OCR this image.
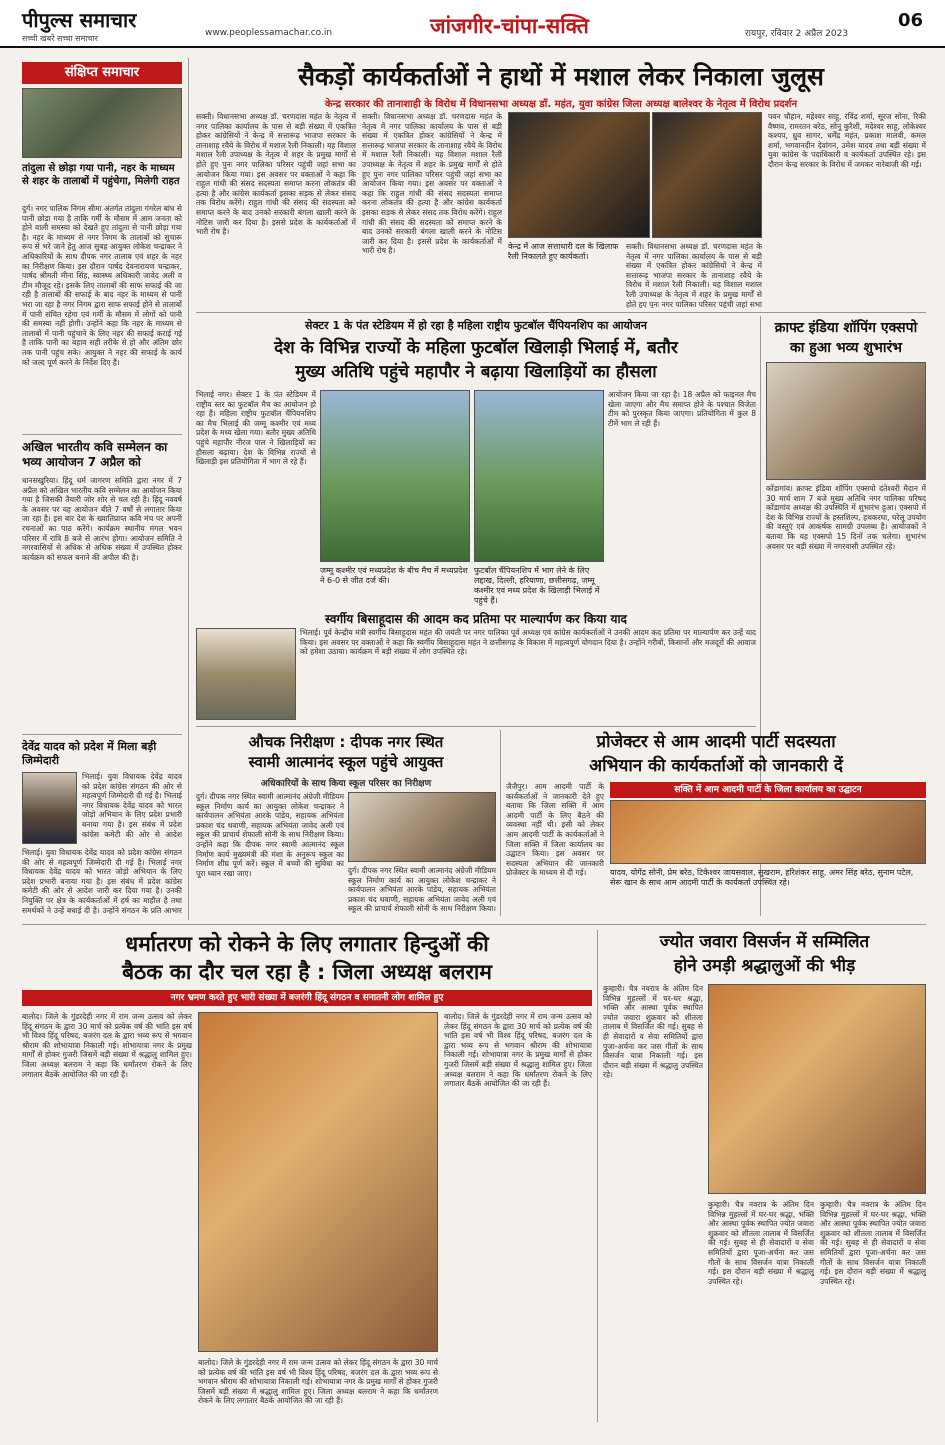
पीपुल्स समाचार
सच्ची खबरें सच्चा समाचार
www.peoplessamachar.co.in	जांजगीर-चांपा-सक्ति	रायपुर, रविवार 2 अप्रैल 2023
06
संक्षिप्त समाचार
तांदुला से छोड़ा गया पानी, नहर के माध्यम से शहर के तालाबों में पहुंचेगा, मिलेगी राहत
दुर्ग। नगर पालिक निगम सीमा अंतर्गत तांदुला गंगरेल बांध से पानी छोड़ा गया है ताकि गर्मी के मौसम में आम जनता को होने वाली समस्या को देखते हुए तांदुला से पानी छोड़ा गया है। नहर के माध्यम से नगर निगम के तालाबों को सुचारू रूप से भरे जाने हेतु आज सुबह आयुक्त लोकेश चन्द्राकर ने अधिकारियों के साथ दीपक नगर तालाब एवं शहर के नहर का निरीक्षण किया। इस दौरान पार्षद देवनारायण चन्द्राकर, पार्षद श्रीमती मीना सिंह, स्वास्थ्य अधिकारी जावेद अली व टीम मौजूद रहे। इसके लिए तालाबों की साफ सफाई की जा रही है तालाबों की सफाई के बाद नहर के माध्यम से पानी भरा जा रहा है नगर निगम द्वारा साफ सफाई होने से तालाबों में पानी संचित रहेगा एवं गर्मी के मौसम में लोगों को पानी की समस्या नहीं होगी। उन्होंने कहा कि नहर के माध्यम से तालाबों में पानी पहुंचाने के लिए नहर की सफाई कराई गई है ताकि पानी का बहाव सही तरीके से हो और अंतिम छोर तक पानी पहुंच सके। आयुक्त ने नहर की सफाई के कार्य को जल्द पूर्ण करने के निर्देश दिए हैं।
अखिल भारतीय कवि सम्मेलन का भव्य आयोजन 7 अप्रैल को
धानसखुरिया। हिंदू धर्म जागरण समिति द्वारा नगर में 7 अप्रैल को अखिल भारतीय कवि सम्मेलन का आयोजन किया गया है जिसकी तैयारी जोर शोर से चल रही है। हिंदू नववर्ष के अवसर पर यह आयोजन बीते 7 वर्षों से लगातार किया जा रहा है। इस बार देश के ख्यातिप्राप्त कवि मंच पर अपनी रचनाओं का पाठ करेंगे। कार्यक्रम स्थानीय मंगल भवन परिसर में रात्रि 8 बजे से आरंभ होगा। आयोजन समिति ने नगरवासियों से अधिक से अधिक संख्या में उपस्थित होकर कार्यक्रम को सफल बनाने की अपील की है।
देवेंद्र यादव को प्रदेश में मिला बड़ी जिम्मेदारी
भिलाई। युवा विधायक देवेंद्र यादव को प्रदेश कांग्रेस संगठन की ओर से महत्वपूर्ण जिम्मेदारी दी गई है। भिलाई नगर विधायक देवेंद्र यादव को भारत जोड़ो अभियान के लिए प्रदेश प्रभारी बनाया गया है। इस संबंध में प्रदेश कांग्रेस कमेटी की ओर से आदेश
भिलाई। युवा विधायक देवेंद्र यादव को प्रदेश कांग्रेस संगठन की ओर से महत्वपूर्ण जिम्मेदारी दी गई है। भिलाई नगर विधायक देवेंद्र यादव को भारत जोड़ो अभियान के लिए प्रदेश प्रभारी बनाया गया है। इस संबंध में प्रदेश कांग्रेस कमेटी की ओर से आदेश जारी कर दिया गया है। उनकी नियुक्ति पर क्षेत्र के कार्यकर्ताओं में हर्ष का माहौल है तथा समर्थकों ने उन्हें बधाई दी है। उन्होंने संगठन के प्रति आभार
सैकड़ों कार्यकर्ताओं ने हाथों में मशाल लेकर निकाला जुलूस
केन्द्र सरकार की तानाशाही के विरोध में विधानसभा अध्यक्ष डॉ. महंत, युवा कांग्रेस जिला अध्यक्ष बालेश्वर के नेतृत्व में विरोध प्रदर्शन
सक्ती। विधानसभा अध्यक्ष डॉ. चरणदास महंत के नेतृत्व में नगर पालिका कार्यालय के पास से बड़ी संख्या में एकत्रित होकर कांग्रेसियों ने केन्द्र में सत्तारूढ़ भाजपा सरकार के तानाशाह रवैये के विरोध में मशाल रैली निकाली। यह विशाल मशाल रैली उपाध्यक्ष के नेतृत्व में शहर के प्रमुख मार्गों से होते हुए पुनः नगर पालिका परिसर पहुंची जहां सभा का आयोजन किया गया। इस अवसर पर वक्ताओं ने कहा कि राहुल गांधी की संसद सदस्यता समाप्त करना लोकतंत्र की हत्या है और कांग्रेस कार्यकर्ता इसका सड़क से लेकर संसद तक विरोध करेंगे। राहुल गांधी की संसद की सदस्यता को समाप्त करने के बाद उनको सरकारी बंगला खाली करने के नोटिस जारी कर दिया है। इससे प्रदेश के कार्यकर्ताओं में भारी रोष है।
सक्ती। विधानसभा अध्यक्ष डॉ. चरणदास महंत के नेतृत्व में नगर पालिका कार्यालय के पास से बड़ी संख्या में एकत्रित होकर कांग्रेसियों ने केन्द्र में सत्तारूढ़ भाजपा सरकार के तानाशाह रवैये के विरोध में मशाल रैली निकाली। यह विशाल मशाल रैली उपाध्यक्ष के नेतृत्व में शहर के प्रमुख मार्गों से होते हुए पुनः नगर पालिका परिसर पहुंची जहां सभा का आयोजन किया गया। इस अवसर पर वक्ताओं ने कहा कि राहुल गांधी की संसद सदस्यता समाप्त करना लोकतंत्र की हत्या है और कांग्रेस कार्यकर्ता इसका सड़क से लेकर संसद तक विरोध करेंगे। राहुल गांधी की संसद की सदस्यता को समाप्त करने के बाद उनको सरकारी बंगला खाली करने के नोटिस जारी कर दिया है। इससे प्रदेश के कार्यकर्ताओं में भारी रोष है।	केन्द्र में आज सत्ताधारी दल के खिलाफ रैली निकालते हुए कार्यकर्ता।
सक्ती। विधानसभा अध्यक्ष डॉ. चरणदास महंत के नेतृत्व में नगर पालिका कार्यालय के पास से बड़ी संख्या में एकत्रित होकर कांग्रेसियों ने केन्द्र में सत्तारूढ़ भाजपा सरकार के तानाशाह रवैये के विरोध में मशाल रैली निकाली। यह विशाल मशाल रैली उपाध्यक्ष के नेतृत्व में शहर के प्रमुख मार्गों से होते हुए पुनः नगर पालिका परिसर पहुंची जहां सभा
पवन चौहान, महेश्वर साहू, रविंद्र शर्मा, सूरज सोना, रिकी वैष्णव, रामरतन बरेठ, सोनू कुरैशी, मदेश्वर साहू, लोकेश्वर कश्यप, ध्रुव सागर, धर्मेंद्र महंत, प्रकाश मालवी, कमल शर्मा, भगवानदीन देवांगन, उमेश यादव तथा बड़ी संख्या में युवा कांग्रेस के पदाधिकारी व कार्यकर्ता उपस्थित रहे। इस दौरान केन्द्र सरकार के विरोध में जमकर नारेबाजी की गई।
सेक्टर 1 के पंत स्टेडियम में हो रहा है महिला राष्ट्रीय फुटबॉल चैंपियनशिप का आयोजन
देश के विभिन्न राज्यों के महिला फुटबॉल खिलाड़ी भिलाई में, बतौर
मुख्य अतिथि पहुंचे महापौर ने बढ़ाया खिलाड़ियों का हौसला
भिलाई नगर। सेक्टर 1 के पंत स्टेडियम में राष्ट्रीय स्तर का फुटबॉल मैच का आयोजन हो रहा है। महिला राष्ट्रीय फुटबॉल चैंपियनशिप का मैच भिलाई की जम्मू कश्मीर एवं मध्य प्रदेश के मध्य खेला गया। बतौर मुख्य अतिथि पहुंचे महापौर नीरज पाल ने खिलाड़ियों का हौसला बढ़ाया। देश के विभिन्न राज्यों से खिलाड़ी इस प्रतियोगिता में भाग ले रहे हैं।
जम्मू कश्मीर एवं मध्यप्रदेश के बीच मैच में मध्यप्रदेश ने 6-0 से जीत दर्ज की।
फुटबॉल चैंपियनशिप में भाग लेने के लिए लद्दाख, दिल्ली, हरियाणा, छत्तीसगढ़, जम्मू कश्मीर एवं मध्य प्रदेश के खिलाड़ी भिलाई में पहुंचे हैं।
आयोजन किया जा रहा है। 18 अप्रैल को फाइनल मैच खेला जाएगा और मैच समाप्त होने के पश्चात विजेता टीम को पुरस्कृत किया जाएगा। प्रतियोगिता में कुल 8 टीमें भाग ले रही हैं।
क्राफ्ट इंडिया शॉपिंग एक्सपो का हुआ भव्य शुभारंभ
कोंडागांव। क्राफ्ट इंडिया शॉपिंग एक्सपो दंतेश्वरी मैदान में 30 मार्च शाम 7 बजे मुख्य अतिथि नगर पालिका परिषद कोंडागांव अध्यक्ष की उपस्थिति में शुभारंभ हुआ। एक्सपो में देश के विभिन्न राज्यों के हस्तशिल्प, हथकरघा, घरेलू उपयोग की वस्तुएं एवं आकर्षक सामग्री उपलब्ध है। आयोजकों ने बताया कि यह एक्सपो 15 दिनों तक चलेगा। शुभारंभ अवसर पर बड़ी संख्या में नगरवासी उपस्थित रहे।
स्वर्गीय बिसाहूदास की आदम कद प्रतिमा पर माल्यार्पण कर किया याद
भिलाई। पूर्व केन्द्रीय मंत्री स्वर्गीय बिसाहूदास महंत की जयंती पर नगर पालिका पूर्व अध्यक्ष एवं कांग्रेस कार्यकर्ताओं ने उनकी आदम कद प्रतिमा पर माल्यार्पण कर उन्हें याद किया। इस अवसर पर वक्ताओं ने कहा कि स्वर्गीय बिसाहूदास महंत ने छत्तीसगढ़ के विकास में महत्वपूर्ण योगदान दिया है। उन्होंने गरीबों, किसानों और मजदूरों की आवाज को हमेशा उठाया। कार्यक्रम में बड़ी संख्या में लोग उपस्थित रहे।
औचक निरीक्षण : दीपक नगर स्थित
स्वामी आत्मानंद स्कूल पहुंचे आयुक्त
अधिकारियों के साथ किया स्कूल परिसर का निरीक्षण
दुर्ग। दीपक नगर स्थित स्वामी आत्मानंद अंग्रेजी मीडियम स्कूल निर्माण कार्य का आयुक्त लोकेश चन्द्राकर ने कार्यपालन अभियंता आरके पांडेय, सहायक अभियंता प्रकाश चंद थवाणी, सहायक अभियंता जावेद अली एवं स्कूल की प्राचार्य शेफाली सोनी के साथ निरीक्षण किया। उन्होंने कहा कि दीपक नगर स्वामी आत्मानंद स्कूल निर्माण कार्य मुख्यमंत्री की मंशा के अनुरूप स्कूल का निर्माण शीघ्र पूर्ण करें। स्कूल में बच्चों की सुविधा का पूरा ध्यान रखा जाए।	दुर्ग। दीपक नगर स्थित स्वामी आत्मानंद अंग्रेजी मीडियम स्कूल निर्माण कार्य का आयुक्त लोकेश चन्द्राकर ने कार्यपालन अभियंता आरके पांडेय, सहायक अभियंता प्रकाश चंद थवाणी, सहायक अभियंता जावेद अली एवं स्कूल की प्राचार्य शेफाली सोनी के साथ निरीक्षण किया।
प्रोजेक्टर से आम आदमी पार्टी सदस्यता
अभियान की कार्यकर्ताओं को जानकारी दें
जैजैपुर। आम आदमी पार्टी के कार्यकर्ताओं ने जानकारी देते हुए बताया कि जिला सक्ति में आम आदमी पार्टी के लिए बैठने की व्यवस्था नहीं थी। इसी को लेकर आम आदमी पार्टी के कार्यकर्ताओं ने जिला सक्ति में जिला कार्यालय का उद्घाटन किया। इस अवसर पर सदस्यता अभियान की जानकारी प्रोजेक्टर के माध्यम से दी गई।
सक्ति में आम आदमी पार्टी के जिला कार्यालय का उद्घाटन
यादव, योगेंद्र सोनी, प्रेम बरेठ, टिकेश्वर जायसवाल, सुखराम, हरिशंकर साहू, अमर सिंह बरेठ, सुनाम पटेल, सेरू खान के साथ आम आदमी पार्टी के कार्यकर्ता उपस्थित रहे।
धर्मातरण को रोकने के लिए लगातार हिन्दुओं की
बैठक का दौर चल रहा है : जिला अध्यक्ष बलराम
नगर भ्रमण करते हुए भारी संख्या में बजरंगी हिंदू संगठन व सनातनी लोग शामिल हुए
बालोद। जिले के गुंडरदेही नगर में राम जन्म उत्सव को लेकर हिंदू संगठन के द्वारा 30 मार्च को प्रत्येक वर्ष की भांति इस वर्ष भी विश्व हिंदू परिषद, बजरंग दल के द्वारा भव्य रूप से भगवान श्रीराम की शोभायात्रा निकाली गई। शोभायात्रा नगर के प्रमुख मार्गों से होकर गुजरी जिसमें बड़ी संख्या में श्रद्धालु शामिल हुए। जिला अध्यक्ष बलराम ने कहा कि धर्मांतरण रोकने के लिए लगातार बैठकें आयोजित की जा रही हैं।
बालोद। जिले के गुंडरदेही नगर में राम जन्म उत्सव को लेकर हिंदू संगठन के द्वारा 30 मार्च को प्रत्येक वर्ष की भांति इस वर्ष भी विश्व हिंदू परिषद, बजरंग दल के द्वारा भव्य रूप से भगवान श्रीराम की शोभायात्रा निकाली गई। शोभायात्रा नगर के प्रमुख मार्गों से होकर गुजरी जिसमें बड़ी संख्या में श्रद्धालु शामिल हुए। जिला अध्यक्ष बलराम ने कहा कि धर्मांतरण रोकने के लिए लगातार बैठकें आयोजित की जा रही हैं।
बालोद। जिले के गुंडरदेही नगर में राम जन्म उत्सव को लेकर हिंदू संगठन के द्वारा 30 मार्च को प्रत्येक वर्ष की भांति इस वर्ष भी विश्व हिंदू परिषद, बजरंग दल के द्वारा भव्य रूप से भगवान श्रीराम की शोभायात्रा निकाली गई। शोभायात्रा नगर के प्रमुख मार्गों से होकर गुजरी जिसमें बड़ी संख्या में श्रद्धालु शामिल हुए। जिला अध्यक्ष बलराम ने कहा कि धर्मांतरण रोकने के लिए लगातार बैठकें आयोजित की जा रही हैं।
ज्योत जवारा विसर्जन में सम्मिलित
होने उमड़ी श्रद्धालुओं की भीड़
कुम्हारी। चैत्र नवरात्र के अंतिम दिन विभिन्न मुहल्लों में घर-घर श्रद्धा, भक्ति और आस्था पूर्वक स्थापित ज्योत जवारा शुक्रवार को शीतला तालाब में विसर्जित की गई। सुबह से ही सेवादारों व सेवा समितियों द्वारा पूजा-अर्चना कर जस गीतों के साथ विसर्जन यात्रा निकाली गई। इस दौरान बड़ी संख्या में श्रद्धालु उपस्थित रहे।
कुम्हारी। चैत्र नवरात्र के अंतिम दिन विभिन्न मुहल्लों में घर-घर श्रद्धा, भक्ति और आस्था पूर्वक स्थापित ज्योत जवारा शुक्रवार को शीतला तालाब में विसर्जित की गई। सुबह से ही सेवादारों व सेवा समितियों द्वारा पूजा-अर्चना कर जस गीतों के साथ विसर्जन यात्रा निकाली गई। इस दौरान बड़ी संख्या में श्रद्धालु उपस्थित रहे।
कुम्हारी। चैत्र नवरात्र के अंतिम दिन विभिन्न मुहल्लों में घर-घर श्रद्धा, भक्ति और आस्था पूर्वक स्थापित ज्योत जवारा शुक्रवार को शीतला तालाब में विसर्जित की गई। सुबह से ही सेवादारों व सेवा समितियों द्वारा पूजा-अर्चना कर जस गीतों के साथ विसर्जन यात्रा निकाली गई। इस दौरान बड़ी संख्या में श्रद्धालु उपस्थित रहे।
